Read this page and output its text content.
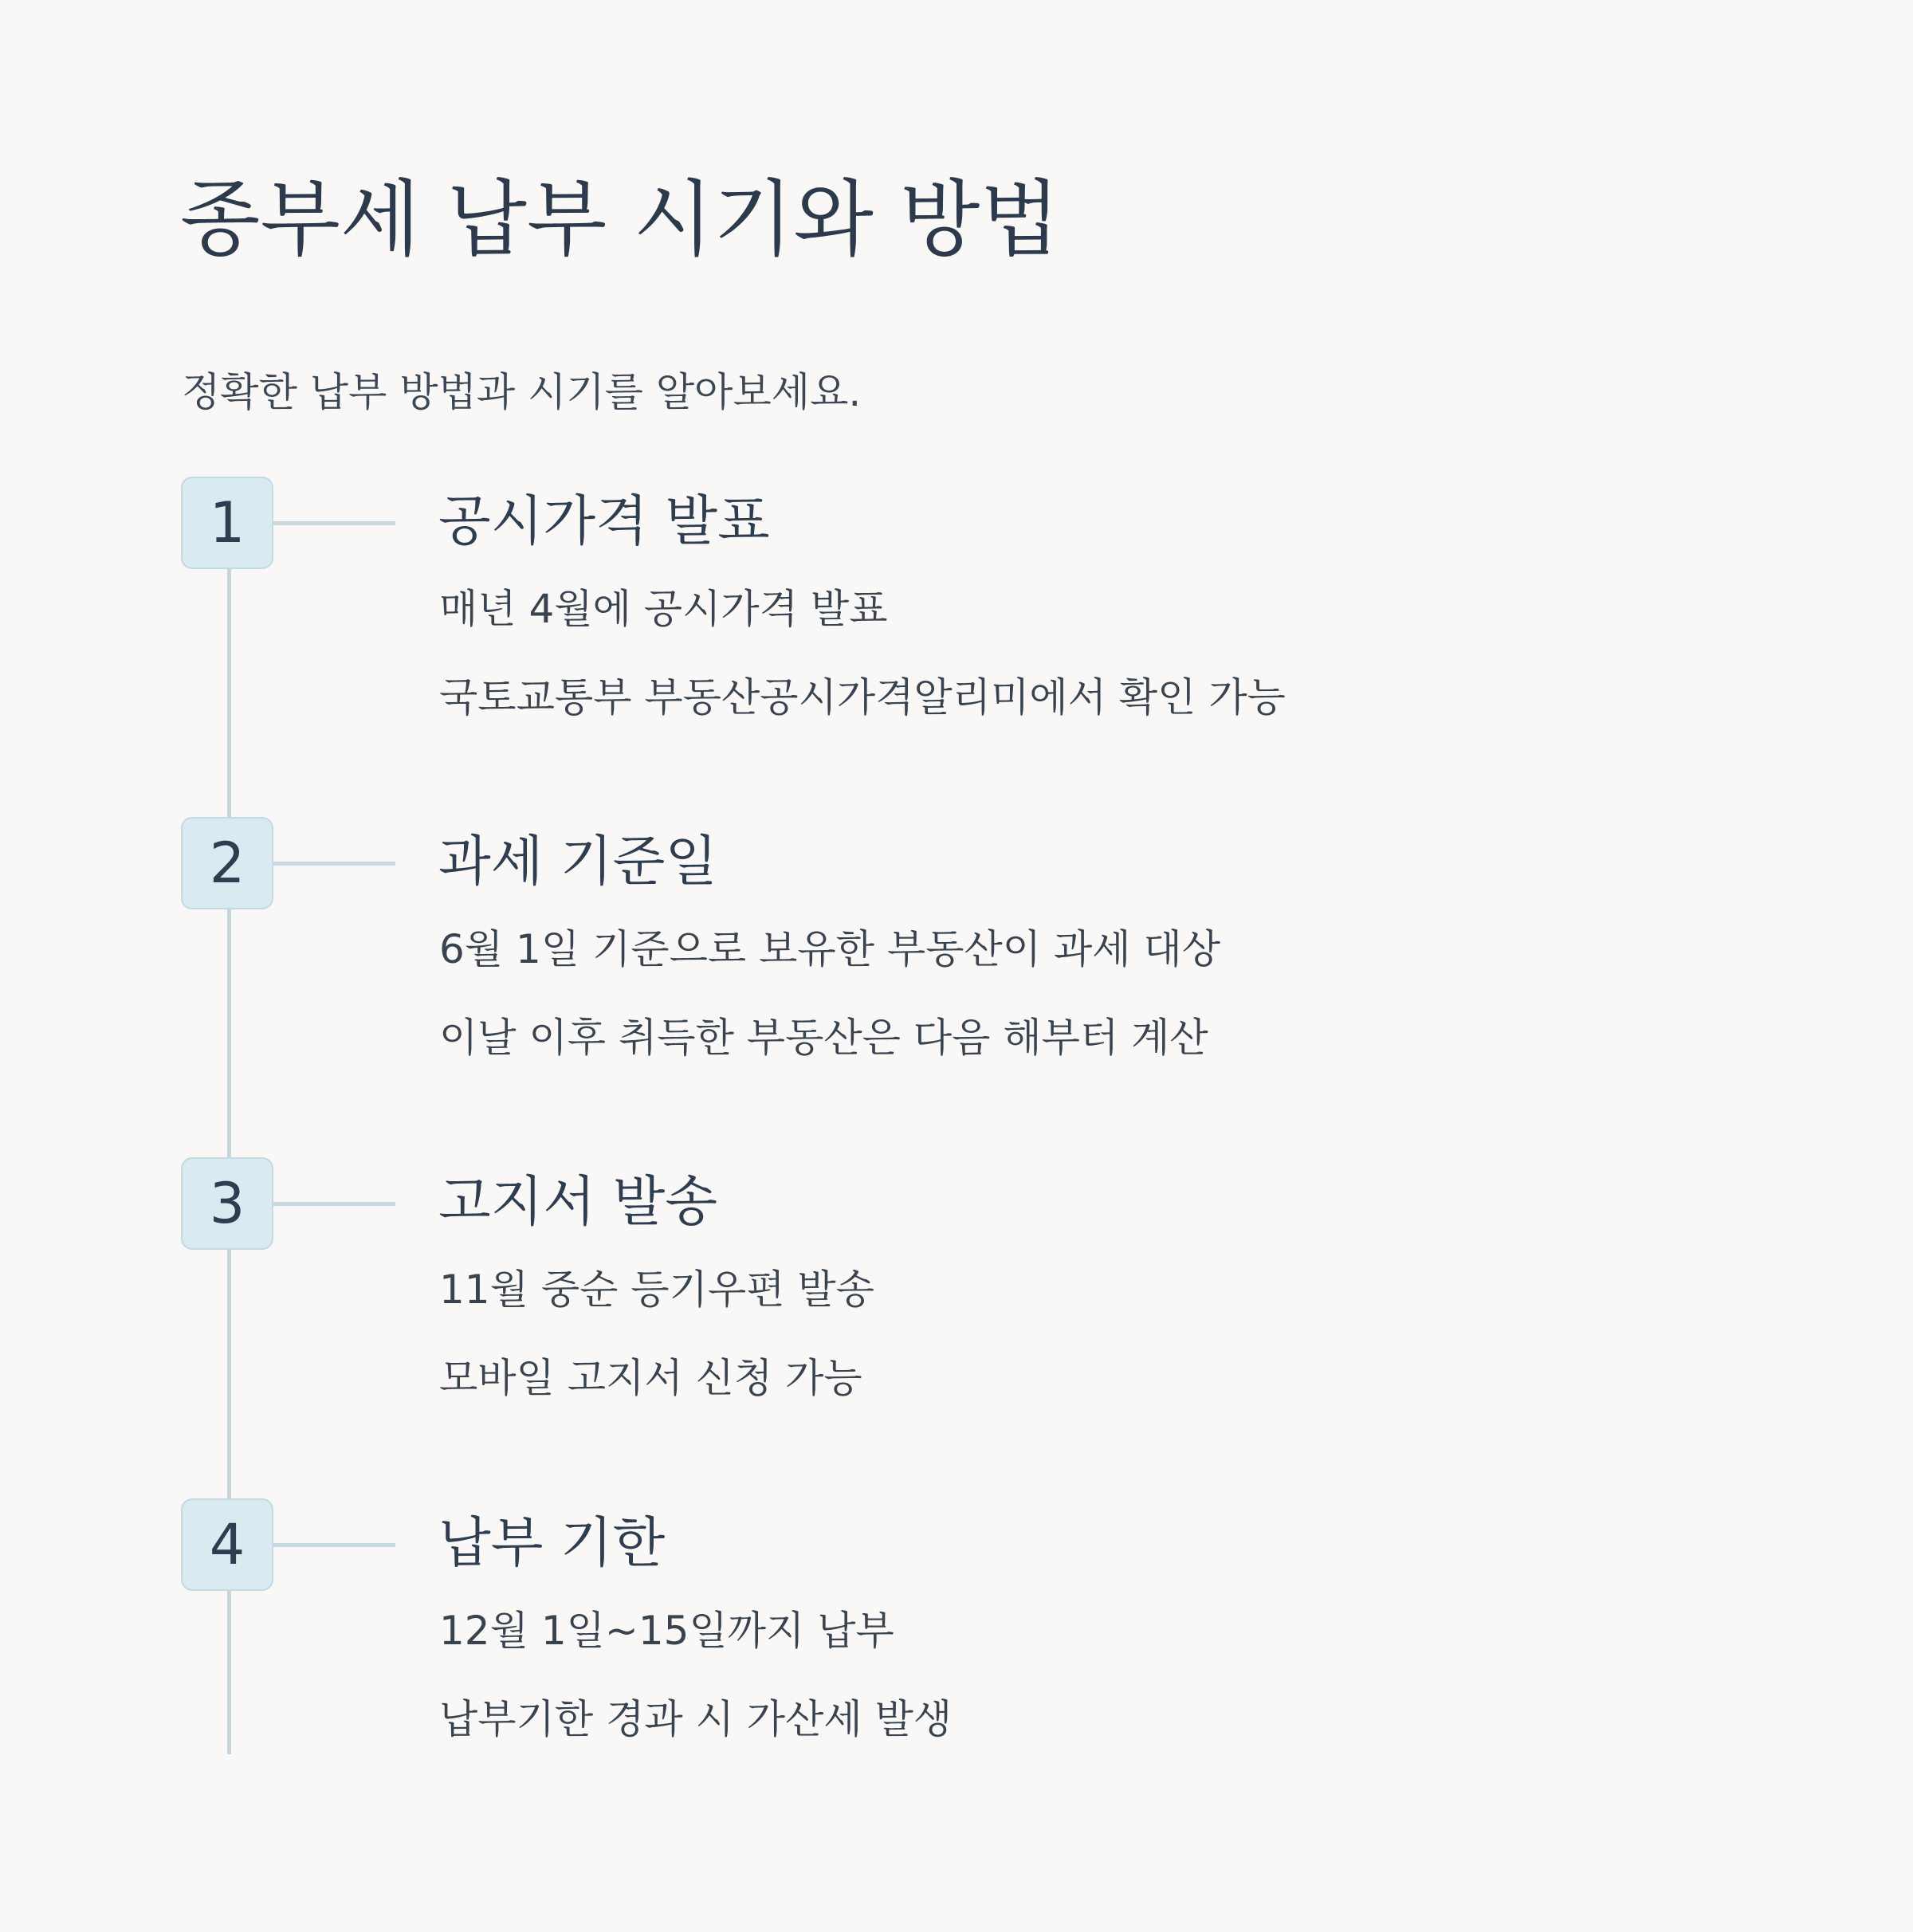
종부세 납부 시기와 방법

정확한 납부 방법과 시기를 알아보세요.

1	공시가격 발표

매년 4월에 공시가격 발표

국토교통부 부동산공시가격알리미에서 확인 가능

2	과세 기준일

6월 1일 기준으로 보유한 부동산이 과세 대상

이날 이후 취득한 부동산은 다음 해부터 계산

3	고지서 발송

11월 중순 등기우편 발송

모바일 고지서 신청 가능

4	납부 기한

12월 1일~15일까지 납부

납부기한 경과 시 가산세 발생
